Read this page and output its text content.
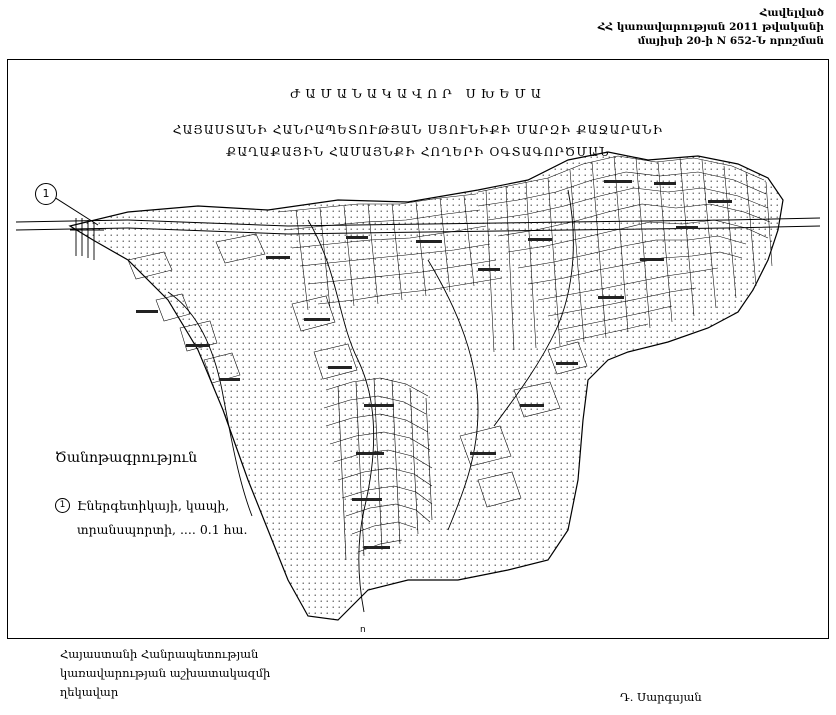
Հավելված
ՀՀ կառավարության 2011 թվականի
մայիսի 20-ի N 652-Ն որոշման
ո
ԺԱՄԱՆԱԿԱՎՈՐ ՍԽԵՄԱ
ՀԱՅԱՍՏԱՆԻ ՀԱՆՐԱՊԵՏՈՒԹՅԱՆ ՍՅՈՒՆԻՔԻ ՄԱՐԶԻ ՔԱՋԱՐԱՆԻ
ՔԱՂԱՔԱՅԻՆ ՀԱՄԱՅՆՔԻ ՀՈՂԵՐԻ ՕԳՏԱԳՈՐԾՄԱՆ
1
Ծանոթագրություն
1 Էներգետիկայի, կապի, տրանսպորտի, .... 0.1 հա.
Հայաստանի Հանրապետության
կառավարության աշխատակազմի
ղեկավար	Դ. Սարգսյան
